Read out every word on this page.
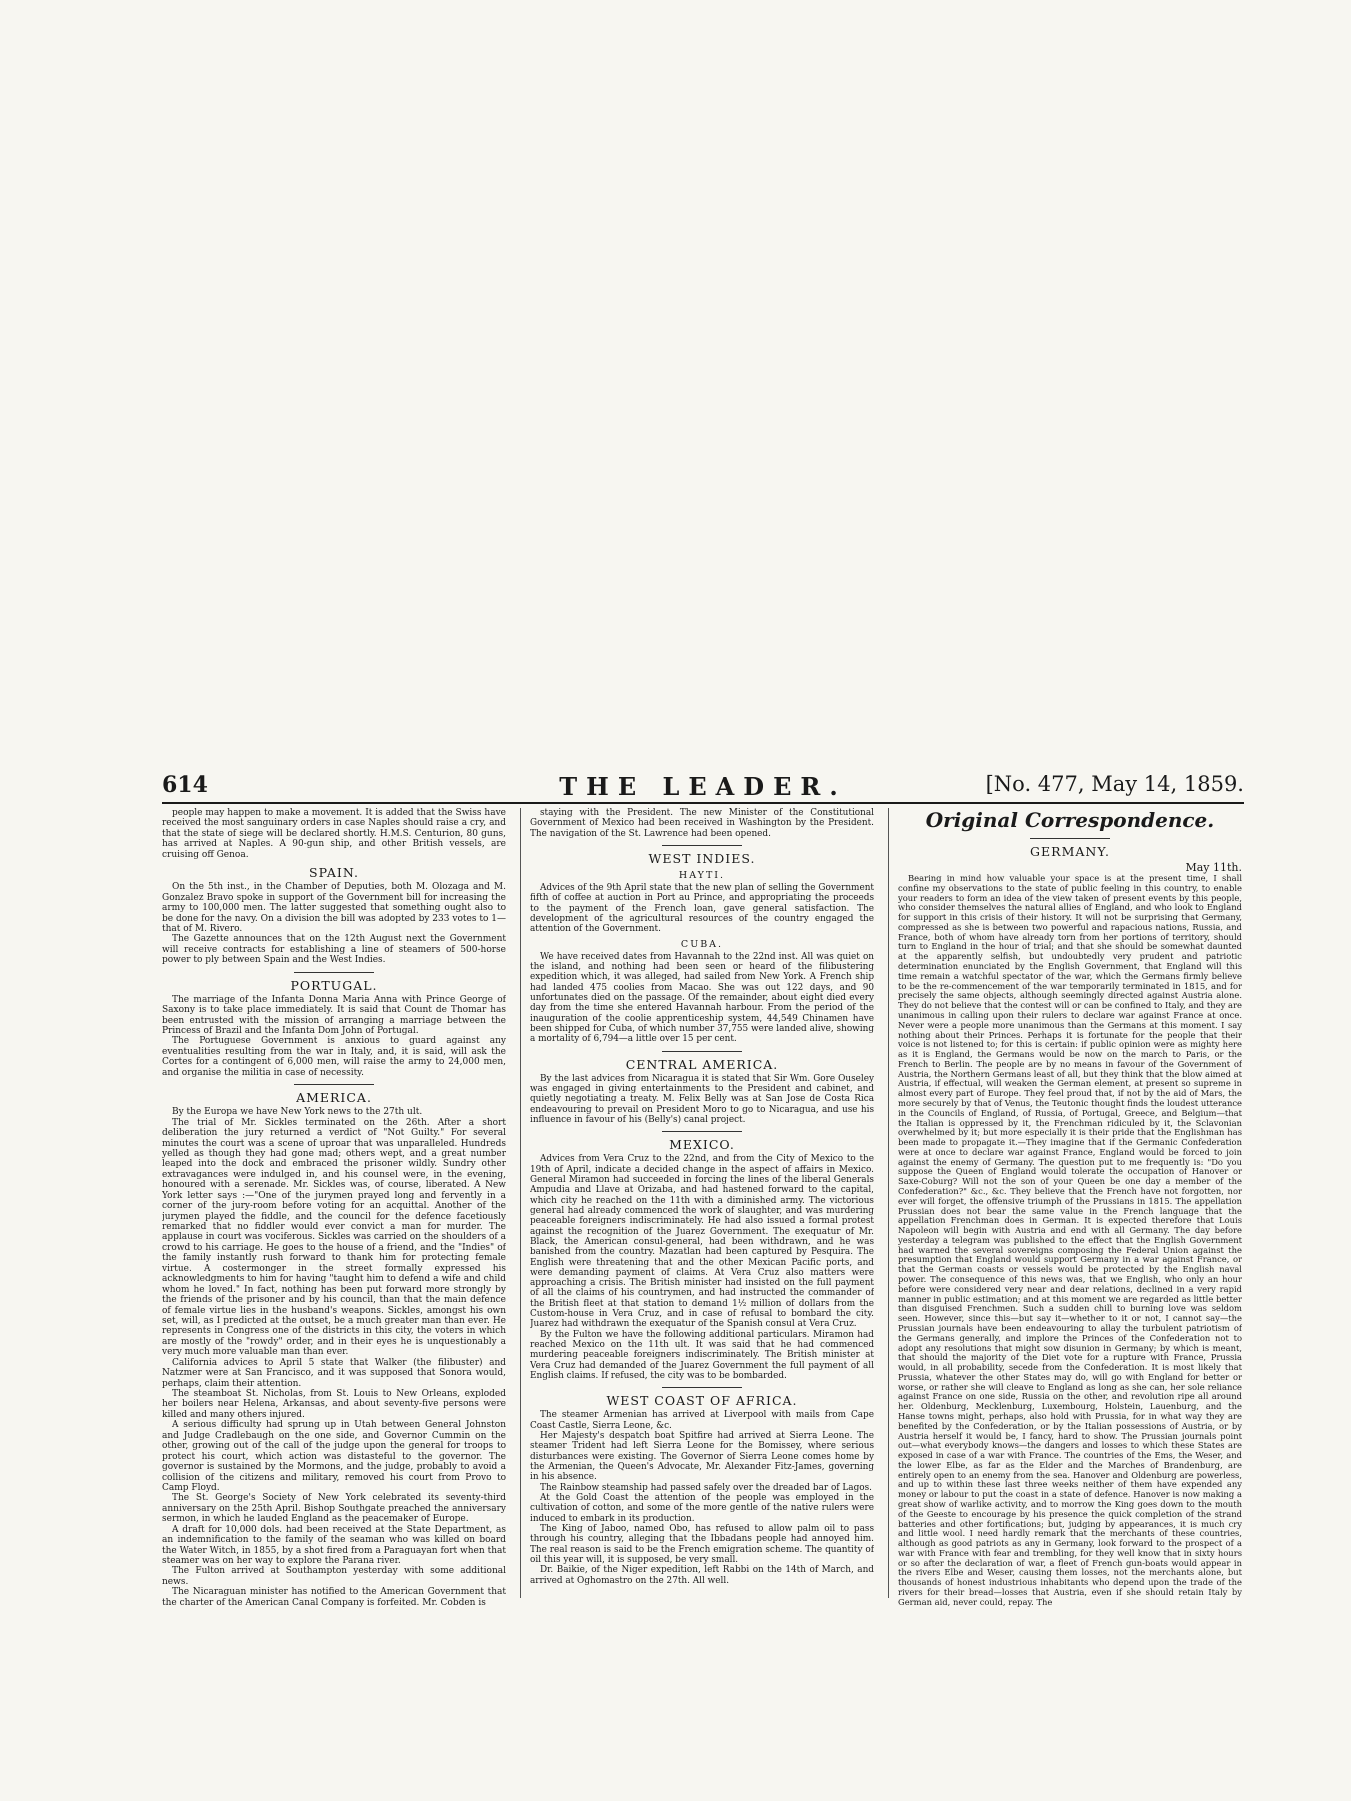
614	THE LEADER.	[No. 477, May 14, 1859.

people may happen to make a movement. It is added that the Swiss have received the most sanguinary orders in case Naples should raise a cry, and that the state of siege will be declared shortly. H.M.S. Centurion, 80 guns, has arrived at Naples. A 90-gun ship, and other British vessels, are cruising off Genoa.

SPAIN.

On the 5th inst., in the Chamber of Deputies, both M. Olozaga and M. Gonzalez Bravo spoke in support of the Government bill for increasing the army to 100,000 men. The latter suggested that something ought also to be done for the navy. On a division the bill was adopted by 233 votes to 1—that of M. Rivero.

The Gazette announces that on the 12th August next the Government will receive contracts for establishing a line of steamers of 500-horse power to ply between Spain and the West Indies.

PORTUGAL.

The marriage of the Infanta Donna Maria Anna with Prince George of Saxony is to take place immediately. It is said that Count de Thomar has been entrusted with the mission of arranging a marriage between the Princess of Brazil and the Infanta Dom John of Portugal.

The Portuguese Government is anxious to guard against any eventualities resulting from the war in Italy, and, it is said, will ask the Cortes for a contingent of 6,000 men, will raise the army to 24,000 men, and organise the militia in case of necessity.

AMERICA.

By the Europa we have New York news to the 27th ult.

The trial of Mr. Sickles terminated on the 26th. After a short deliberation the jury returned a verdict of "Not Guilty." For several minutes the court was a scene of uproar that was unparalleled. Hundreds yelled as though they had gone mad; others wept, and a great number leaped into the dock and embraced the prisoner wildly. Sundry other extravagances were indulged in, and his counsel were, in the evening, honoured with a serenade. Mr. Sickles was, of course, liberated. A New York letter says :—"One of the jurymen prayed long and fervently in a corner of the jury-room before voting for an acquittal. Another of the jurymen played the fiddle, and the council for the defence facetiously remarked that no fiddler would ever convict a man for murder. The applause in court was vociferous. Sickles was carried on the shoulders of a crowd to his carriage. He goes to the house of a friend, and the "Indies" of the family instantly rush forward to thank him for protecting female virtue. A costermonger in the street formally expressed his acknowledgments to him for having "taught him to defend a wife and child whom he loved." In fact, nothing has been put forward more strongly by the friends of the prisoner and by his council, than that the main defence of female virtue lies in the husband's weapons. Sickles, amongst his own set, will, as I predicted at the outset, be a much greater man than ever. He represents in Congress one of the districts in this city, the voters in which are mostly of the "rowdy" order, and in their eyes he is unquestionably a very much more valuable man than ever.

California advices to April 5 state that Walker (the filibuster) and Natzmer were at San Francisco, and it was supposed that Sonora would, perhaps, claim their attention.

The steamboat St. Nicholas, from St. Louis to New Orleans, exploded her boilers near Helena, Arkansas, and about seventy-five persons were killed and many others injured.

A serious difficulty had sprung up in Utah between General Johnston and Judge Cradlebaugh on the one side, and Governor Cummin on the other, growing out of the call of the judge upon the general for troops to protect his court, which action was distasteful to the governor. The governor is sustained by the Mormons, and the judge, probably to avoid a collision of the citizens and military, removed his court from Provo to Camp Floyd.

The St. George's Society of New York celebrated its seventy-third anniversary on the 25th April. Bishop Southgate preached the anniversary sermon, in which he lauded England as the peacemaker of Europe.

A draft for 10,000 dols. had been received at the State Department, as an indemnification to the family of the seaman who was killed on board the Water Witch, in 1855, by a shot fired from a Paraguayan fort when that steamer was on her way to explore the Parana river.

The Fulton arrived at Southampton yesterday with some additional news.

The Nicaraguan minister has notified to the American Government that the charter of the American Canal Company is forfeited. Mr. Cobden is

staying with the President. The new Minister of the Constitutional Government of Mexico had been received in Washington by the President. The navigation of the St. Lawrence had been opened.

WEST INDIES.
HAYTI.

Advices of the 9th April state that the new plan of selling the Government fifth of coffee at auction in Port au Prince, and appropriating the proceeds to the payment of the French loan, gave general satisfaction. The development of the agricultural resources of the country engaged the attention of the Government.

CUBA.

We have received dates from Havannah to the 22nd inst. All was quiet on the island, and nothing had been seen or heard of the filibustering expedition which, it was alleged, had sailed from New York. A French ship had landed 475 coolies from Macao. She was out 122 days, and 90 unfortunates died on the passage. Of the remainder, about eight died every day from the time she entered Havannah harbour. From the period of the inauguration of the coolie apprenticeship system, 44,549 Chinamen have been shipped for Cuba, of which number 37,755 were landed alive, showing a mortality of 6,794—a little over 15 per cent.

CENTRAL AMERICA.

By the last advices from Nicaragua it is stated that Sir Wm. Gore Ouseley was engaged in giving entertainments to the President and cabinet, and quietly negotiating a treaty. M. Felix Belly was at San Jose de Costa Rica endeavouring to prevail on President Moro to go to Nicaragua, and use his influence in favour of his (Belly's) canal project.

MEXICO.

Advices from Vera Cruz to the 22nd, and from the City of Mexico to the 19th of April, indicate a decided change in the aspect of affairs in Mexico. General Miramon had succeeded in forcing the lines of the liberal Generals Ampudia and Llave at Orizaba, and had hastened forward to the capital, which city he reached on the 11th with a diminished army. The victorious general had already commenced the work of slaughter, and was murdering peaceable foreigners indiscriminately. He had also issued a formal protest against the recognition of the Juarez Government. The exequatur of Mr. Black, the American consul-general, had been withdrawn, and he was banished from the country. Mazatlan had been captured by Pesquira. The English were threatening that and the other Mexican Pacific ports, and were demanding payment of claims. At Vera Cruz also matters were approaching a crisis. The British minister had insisted on the full payment of all the claims of his countrymen, and had instructed the commander of the British fleet at that station to demand 1½ million of dollars from the Custom-house in Vera Cruz, and in case of refusal to bombard the city. Juarez had withdrawn the exequatur of the Spanish consul at Vera Cruz.

By the Fulton we have the following additional particulars. Miramon had reached Mexico on the 11th ult. It was said that he had commenced murdering peaceable foreigners indiscriminately. The British minister at Vera Cruz had demanded of the Juarez Government the full payment of all English claims. If refused, the city was to be bombarded.

WEST COAST OF AFRICA.

The steamer Armenian has arrived at Liverpool with mails from Cape Coast Castle, Sierra Leone, &c.

Her Majesty's despatch boat Spitfire had arrived at Sierra Leone. The steamer Trident had left Sierra Leone for the Bomissey, where serious disturbances were existing. The Governor of Sierra Leone comes home by the Armenian, the Queen's Advocate, Mr. Alexander Fitz-James, governing in his absence.

The Rainbow steamship had passed safely over the dreaded bar of Lagos.

At the Gold Coast the attention of the people was employed in the cultivation of cotton, and some of the more gentle of the native rulers were induced to embark in its production.

The King of Jaboo, named Obo, has refused to allow palm oil to pass through his country, alleging that the Ibbadans people had annoyed him. The real reason is said to be the French emigration scheme. The quantity of oil this year will, it is supposed, be very small.

Dr. Baikie, of the Niger expedition, left Rabbi on the 14th of March, and arrived at Oghomastro on the 27th. All well.

Original Correspondence.
GERMANY.
May 11th.

Bearing in mind how valuable your space is at the present time, I shall confine my observations to the state of public feeling in this country, to enable your readers to form an idea of the view taken of present events by this people, who consider themselves the natural allies of England, and who look to England for support in this crisis of their history. It will not be surprising that Germany, compressed as she is between two powerful and rapacious nations, Russia, and France, both of whom have already torn from her portions of territory, should turn to England in the hour of trial; and that she should be somewhat daunted at the apparently selfish, but undoubtedly very prudent and patriotic determination enunciated by the English Government, that England will this time remain a watchful spectator of the war, which the Germans firmly believe to be the re-commencement of the war temporarily terminated in 1815, and for precisely the same objects, although seemingly directed against Austria alone. They do not believe that the contest will or can be confined to Italy, and they are unanimous in calling upon their rulers to declare war against France at once. Never were a people more unanimous than the Germans at this moment. I say nothing about their Princes. Perhaps it is fortunate for the people that their voice is not listened to; for this is certain: if public opinion were as mighty here as it is England, the Germans would be now on the march to Paris, or the French to Berlin. The people are by no means in favour of the Government of Austria, the Northern Germans least of all, but they think that the blow aimed at Austria, if effectual, will weaken the German element, at present so supreme in almost every part of Europe. They feel proud that, if not by the aid of Mars, the more securely by that of Venus, the Teutonic thought finds the loudest utterance in the Councils of England, of Russia, of Portugal, Greece, and Belgium—that the Italian is oppressed by it, the Frenchman ridiculed by it, the Sclavonian overwhelmed by it; but more especially it is their pride that the Englishman has been made to propagate it.—They imagine that if the Germanic Confederation were at once to declare war against France, England would be forced to join against the enemy of Germany. The question put to me frequently is: "Do you suppose the Queen of England would tolerate the occupation of Hanover or Saxe-Coburg? Will not the son of your Queen be one day a member of the Confederation?" &c., &c. They believe that the French have not forgotten, nor ever will forget, the offensive triumph of the Prussians in 1815. The appellation Prussian does not bear the same value in the French language that the appellation Frenchman does in German. It is expected therefore that Louis Napoleon will begin with Austria and end with all Germany. The day before yesterday a telegram was published to the effect that the English Government had warned the several sovereigns composing the Federal Union against the presumption that England would support Germany in a war against France, or that the German coasts or vessels would be protected by the English naval power. The consequence of this news was, that we English, who only an hour before were considered very near and dear relations, declined in a very rapid manner in public estimation; and at this moment we are regarded as little better than disguised Frenchmen. Such a sudden chill to burning love was seldom seen. However, since this—but say it—whether to it or not, I cannot say—the Prussian journals have been endeavouring to allay the turbulent patriotism of the Germans generally, and implore the Princes of the Confederation not to adopt any resolutions that might sow disunion in Germany; by which is meant, that should the majority of the Diet vote for a rupture with France, Prussia would, in all probability, secede from the Confederation. It is most likely that Prussia, whatever the other States may do, will go with England for better or worse, or rather she will cleave to England as long as she can, her sole reliance against France on one side, Russia on the other, and revolution ripe all around her. Oldenburg, Mecklenburg, Luxembourg, Holstein, Lauenburg, and the Hanse towns might, perhaps, also hold with Prussia, for in what way they are benefited by the Confederation, or by the Italian possessions of Austria, or by Austria herself it would be, I fancy, hard to show. The Prussian journals point out—what everybody knows—the dangers and losses to which these States are exposed in case of a war with France. The countries of the Ems, the Weser, and the lower Elbe, as far as the Elder and the Marches of Brandenburg, are entirely open to an enemy from the sea. Hanover and Oldenburg are powerless, and up to within these last three weeks neither of them have expended any money or labour to put the coast in a state of defence. Hanover is now making a great show of warlike activity, and to morrow the King goes down to the mouth of the Geeste to encourage by his presence the quick completion of the strand batteries and other fortifications; but, judging by appearances, it is much cry and little wool. I need hardly remark that the merchants of these countries, although as good patriots as any in Germany, look forward to the prospect of a war with France with fear and trembling, for they well know that in sixty hours or so after the declaration of war, a fleet of French gun-boats would appear in the rivers Elbe and Weser, causing them losses, not the merchants alone, but thousands of honest industrious inhabitants who depend upon the trade of the rivers for their bread—losses that Austria, even if she should retain Italy by German aid, never could, repay. The
